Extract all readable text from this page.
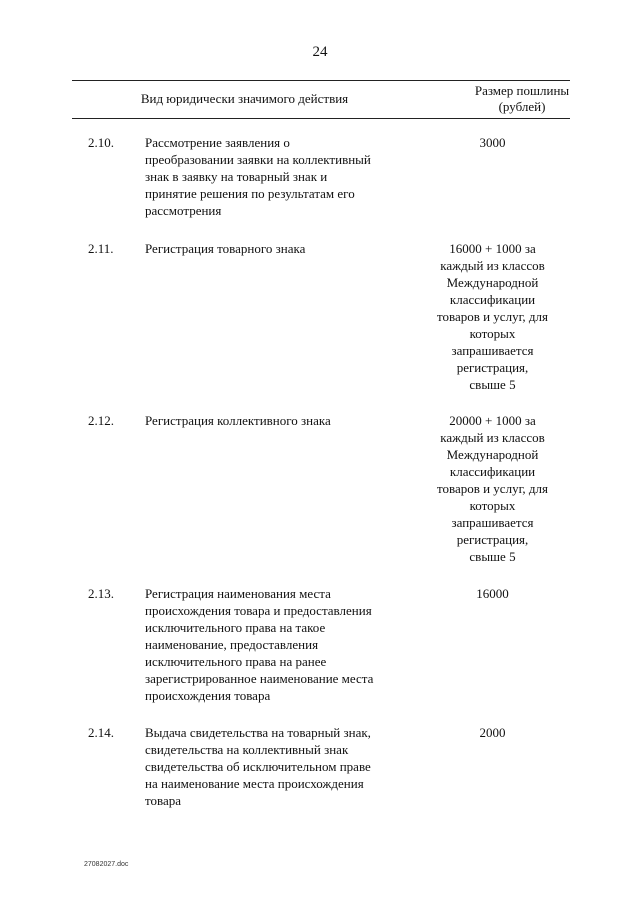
24
Вид юридически значимого действия
Размер пошлины
(рублей)
2.10. Рассмотрение заявления о
преобразовании заявки на коллективный
знак в заявку на товарный знак и
принятие решения по результатам его
рассмотрения
3000
2.11. Регистрация товарного знака	16000 + 1000 за
каждый из классов
Международной
классификации
товаров и услуг, для
которых
запрашивается
регистрация,
свыше 5
2.12. Регистрация коллективного знака	20000 + 1000 за
каждый из классов
Международной
классификации
товаров и услуг, для
которых
запрашивается
регистрация,
свыше 5
2.13. Регистрация наименования места
происхождения товара и предоставления
исключительного права на такое
наименование, предоставления
исключительного права на ранее
зарегистрированное наименование места
происхождения товара
16000
2.14. Выдача свидетельства на товарный знак,
свидетельства на коллективный знак
свидетельства об исключительном праве
на наименование места происхождения
товара
2000
27082027.doc
